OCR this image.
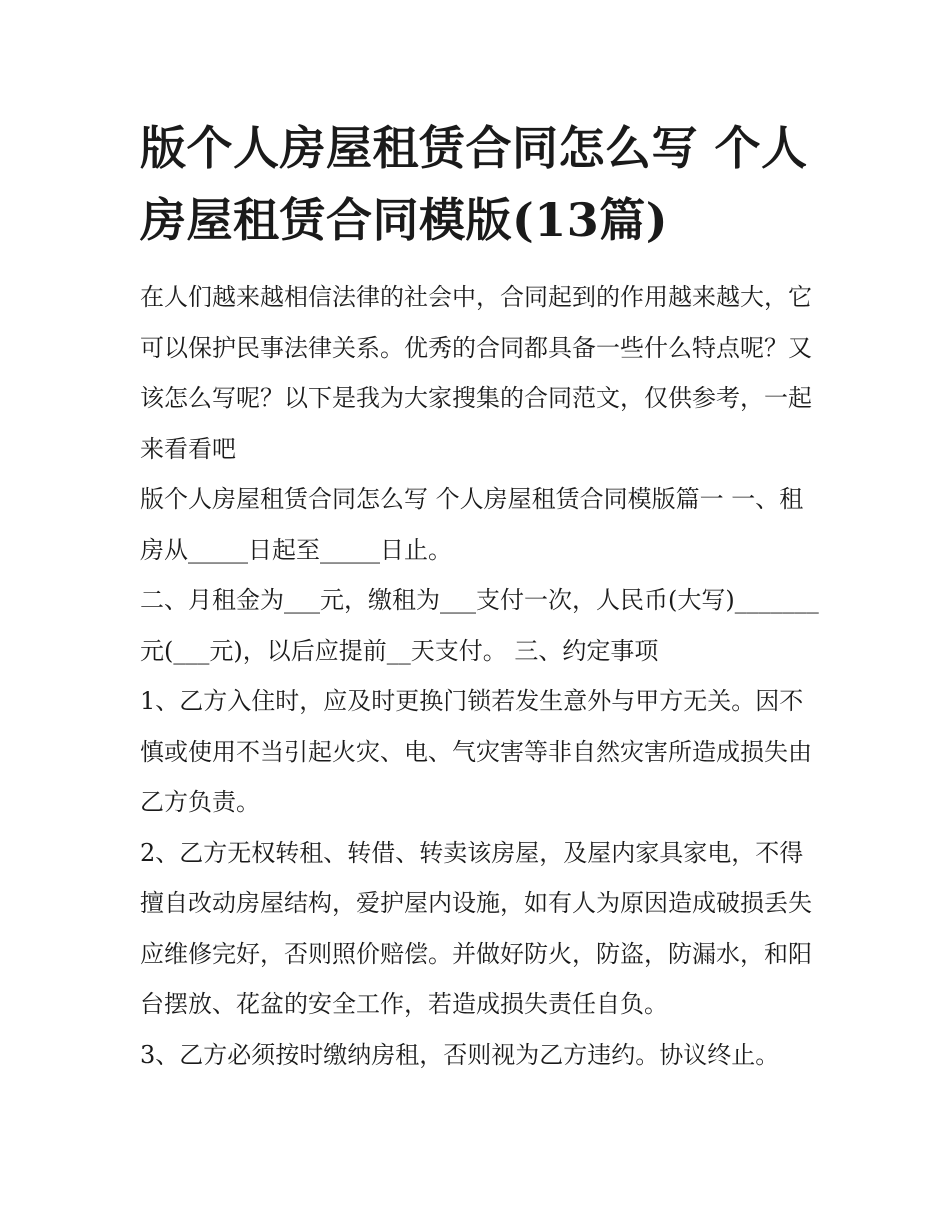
版个人房屋租赁合同怎么写 个人房屋租赁合同模版(13篇)

在人们越来越相信法律的社会中，合同起到的作用越来越大，它可以保护民事法律关系。优秀的合同都具备一些什么特点呢？又该怎么写呢？以下是我为大家搜集的合同范文，仅供参考，一起来看看吧

版个人房屋租赁合同怎么写 个人房屋租赁合同模版篇一 一、租房从_____日起至_____日止。

二、月租金为___元，缴租为___支付一次，人民币(大写)_______元(___元)，以后应提前__天支付。 三、约定事项

1、乙方入住时，应及时更换门锁若发生意外与甲方无关。因不慎或使用不当引起火灾、电、气灾害等非自然灾害所造成损失由乙方负责。

2、乙方无权转租、转借、转卖该房屋，及屋内家具家电，不得擅自改动房屋结构，爱护屋内设施，如有人为原因造成破损丢失应维修完好，否则照价赔偿。并做好防火，防盗，防漏水，和阳台摆放、花盆的安全工作，若造成损失责任自负。

3、乙方必须按时缴纳房租，否则视为乙方违约。协议终止。
